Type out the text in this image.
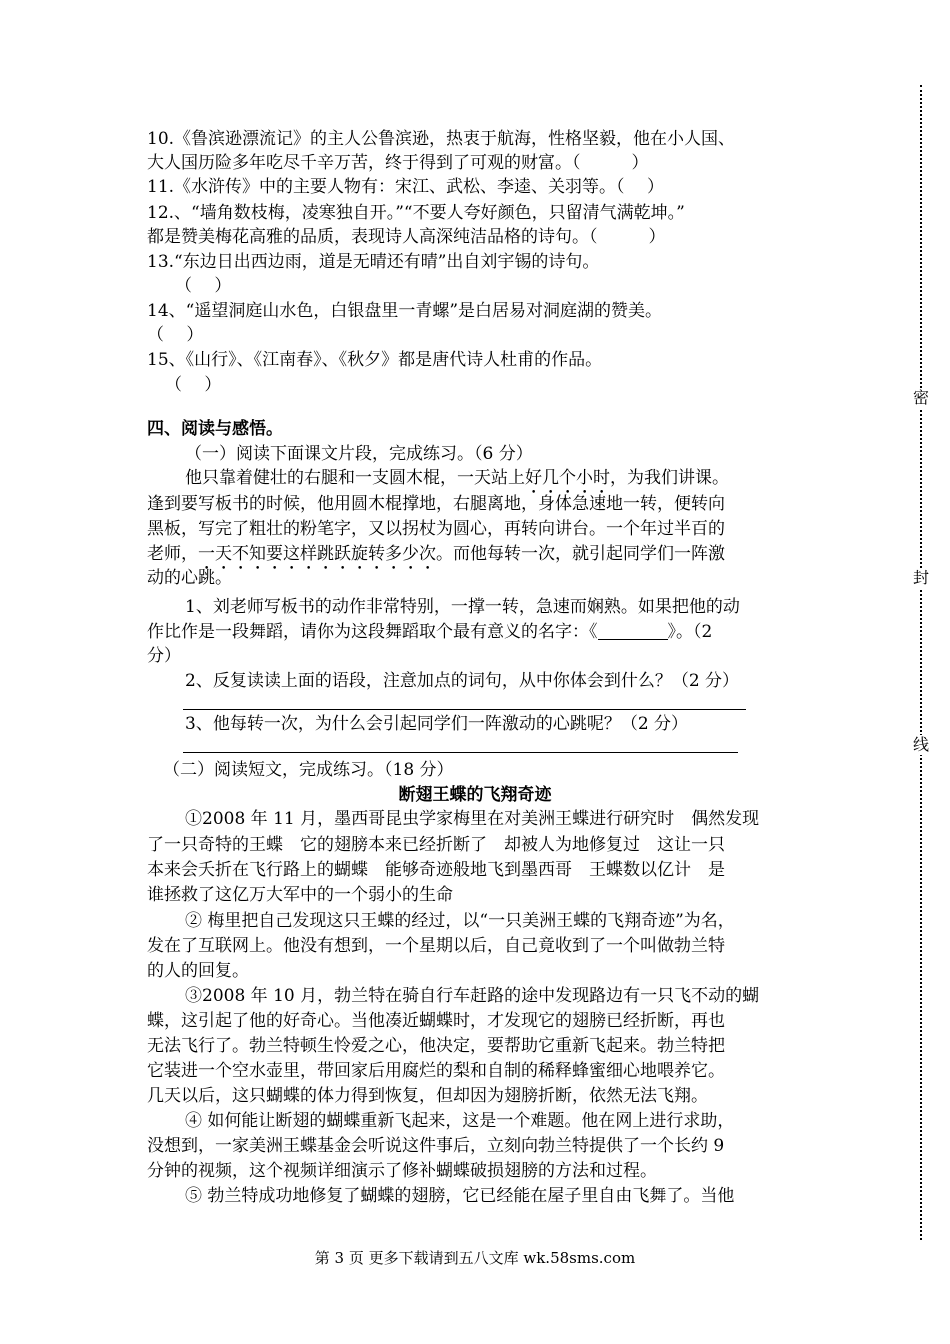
10.《鲁滨逊漂流记》的主人公鲁滨逊，热衷于航海，性格坚毅，他在小人国、
大人国历险多年吃尽千辛万苦，终于得到了可观的财富。（　　　）
11.《水浒传》中的主要人物有：宋江、武松、李逵、关羽等。（　 ）
12.、“墙角数枝梅，凌寒独自开。”“不要人夸好颜色，只留清气满乾坤。”
都是赞美梅花高雅的品质，表现诗人高深纯洁品格的诗句。（　　　）
13.“东边日出西边雨，道是无晴还有晴”出自刘宇锡的诗句。
（　 ）
14、“遥望洞庭山水色，白银盘里一青螺”是白居易对洞庭湖的赞美。
（　 ）
15、《山行》、《江南春》、《秋夕》都是唐代诗人杜甫的作品。
（　 ）
四、阅读与感悟。
（一）阅读下面课文片段，完成练习。（6 分）
他只靠着健壮的右腿和一支圆木棍，一天站上好几个小时，为我们讲课。
逢到要写板书的时候，他用圆木棍撑地，右腿离地，身体急速地一转，便转向
黑板，写完了粗壮的粉笔字，又以拐杖为圆心，再转向讲台。一个年过半百的
老师，一天不知要这样跳跃旋转多少次。而他每转一次，就引起同学们一阵激
动的心跳。
1、刘老师写板书的动作非常特别，一撑一转，急速而娴熟。如果把他的动
作比作是一段舞蹈，请你为这段舞蹈取个最有意义的名字：《	》。（2
分）
2、反复读读上面的语段，注意加点的词句，从中你体会到什么？（2 分）
3、他每转一次，为什么会引起同学们一阵激动的心跳呢？（2 分）
（二）阅读短文，完成练习。（18 分）
断翅王蝶的飞翔奇迹
①2008 年 11 月，墨西哥昆虫学家梅里在对美洲王蝶进行研究时　偶然发现
了一只奇特的王蝶　它的翅膀本来已经折断了　却被人为地修复过　这让一只
本来会夭折在飞行路上的蝴蝶　能够奇迹般地飞到墨西哥　王蝶数以亿计　是
谁拯救了这亿万大军中的一个弱小的生命
② 梅里把自己发现这只王蝶的经过，以“一只美洲王蝶的飞翔奇迹”为名，
发在了互联网上。他没有想到，一个星期以后，自己竟收到了一个叫做勃兰特
的人的回复。
③2008 年 10 月，勃兰特在骑自行车赶路的途中发现路边有一只飞不动的蝴
蝶，这引起了他的好奇心。当他凑近蝴蝶时，才发现它的翅膀已经折断，再也
无法飞行了。勃兰特顿生怜爱之心，他决定，要帮助它重新飞起来。勃兰特把
它装进一个空水壶里，带回家后用腐烂的梨和自制的稀释蜂蜜细心地喂养它。
几天以后，这只蝴蝶的体力得到恢复，但却因为翅膀折断，依然无法飞翔。
④ 如何能让断翅的蝴蝶重新飞起来，这是一个难题。他在网上进行求助，
没想到，一家美洲王蝶基金会听说这件事后，立刻向勃兰特提供了一个长约 9
分钟的视频，这个视频详细演示了修补蝴蝶破损翅膀的方法和过程。
⑤ 勃兰特成功地修复了蝴蝶的翅膀，它已经能在屋子里自由飞舞了。当他
密
封
线
第 3 页 更多下载请到五八文库 wk.58sms.com
